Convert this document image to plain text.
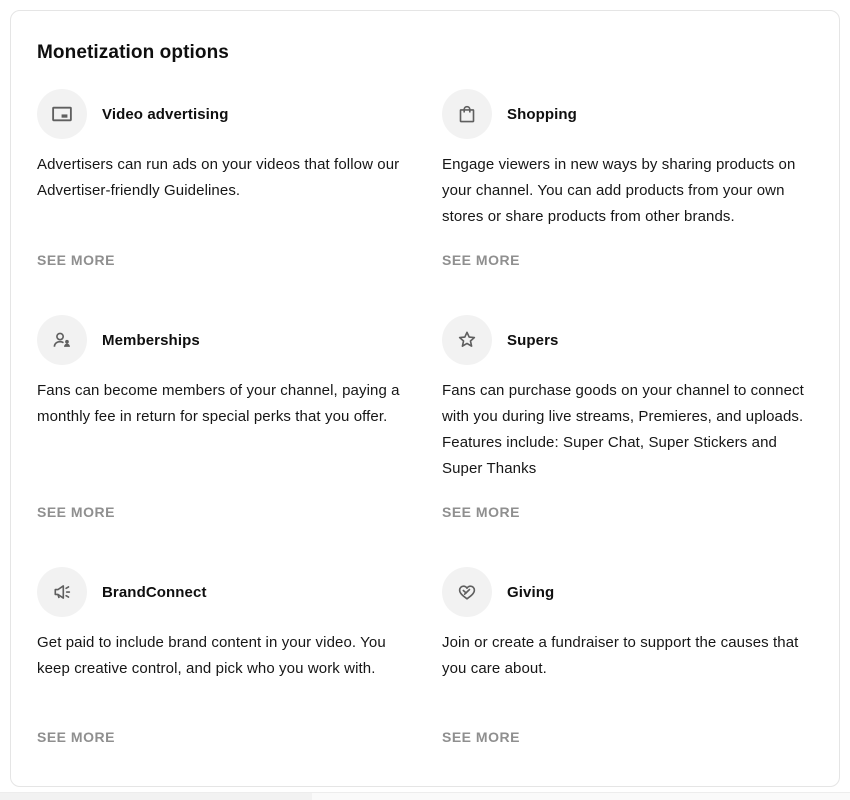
Monetization options
Video advertising
Advertisers can run ads on your videos that follow our Advertiser-friendly Guidelines.
SEE MORE
Shopping
Engage viewers in new ways by sharing products on your channel. You can add products from your own stores or share products from other brands.
SEE MORE
Memberships
Fans can become members of your channel, paying a monthly fee in return for special perks that you offer.
SEE MORE
Supers
Fans can purchase goods on your channel to connect with you during live streams, Premieres, and uploads. Features include: Super Chat, Super Stickers and Super Thanks
SEE MORE
BrandConnect
Get paid to include brand content in your video. You keep creative control, and pick who you work with.
SEE MORE
Giving
Join or create a fundraiser to support the causes that you care about.
SEE MORE
